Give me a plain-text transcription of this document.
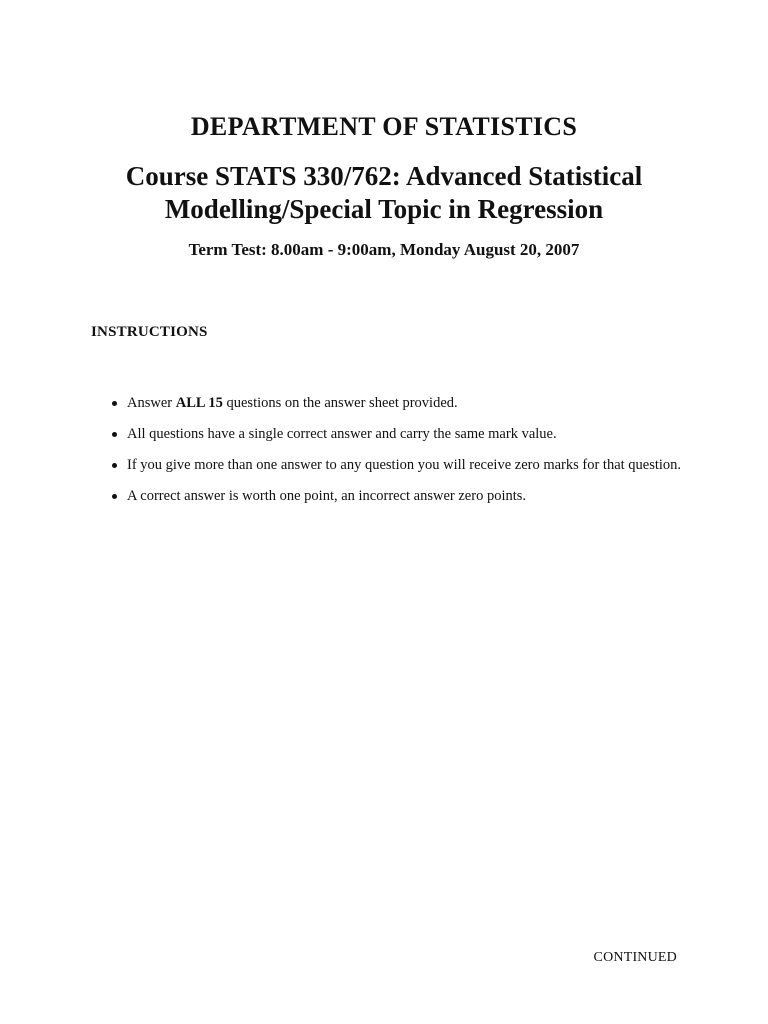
DEPARTMENT OF STATISTICS
Course STATS 330/762: Advanced Statistical
Modelling/Special Topic in Regression
Term Test: 8.00am - 9:00am, Monday August 20, 2007
INSTRUCTIONS
Answer ALL 15 questions on the answer sheet provided.
All questions have a single correct answer and carry the same mark value.
If you give more than one answer to any question you will receive zero marks for that question.
A correct answer is worth one point, an incorrect answer zero points.
CONTINUED
